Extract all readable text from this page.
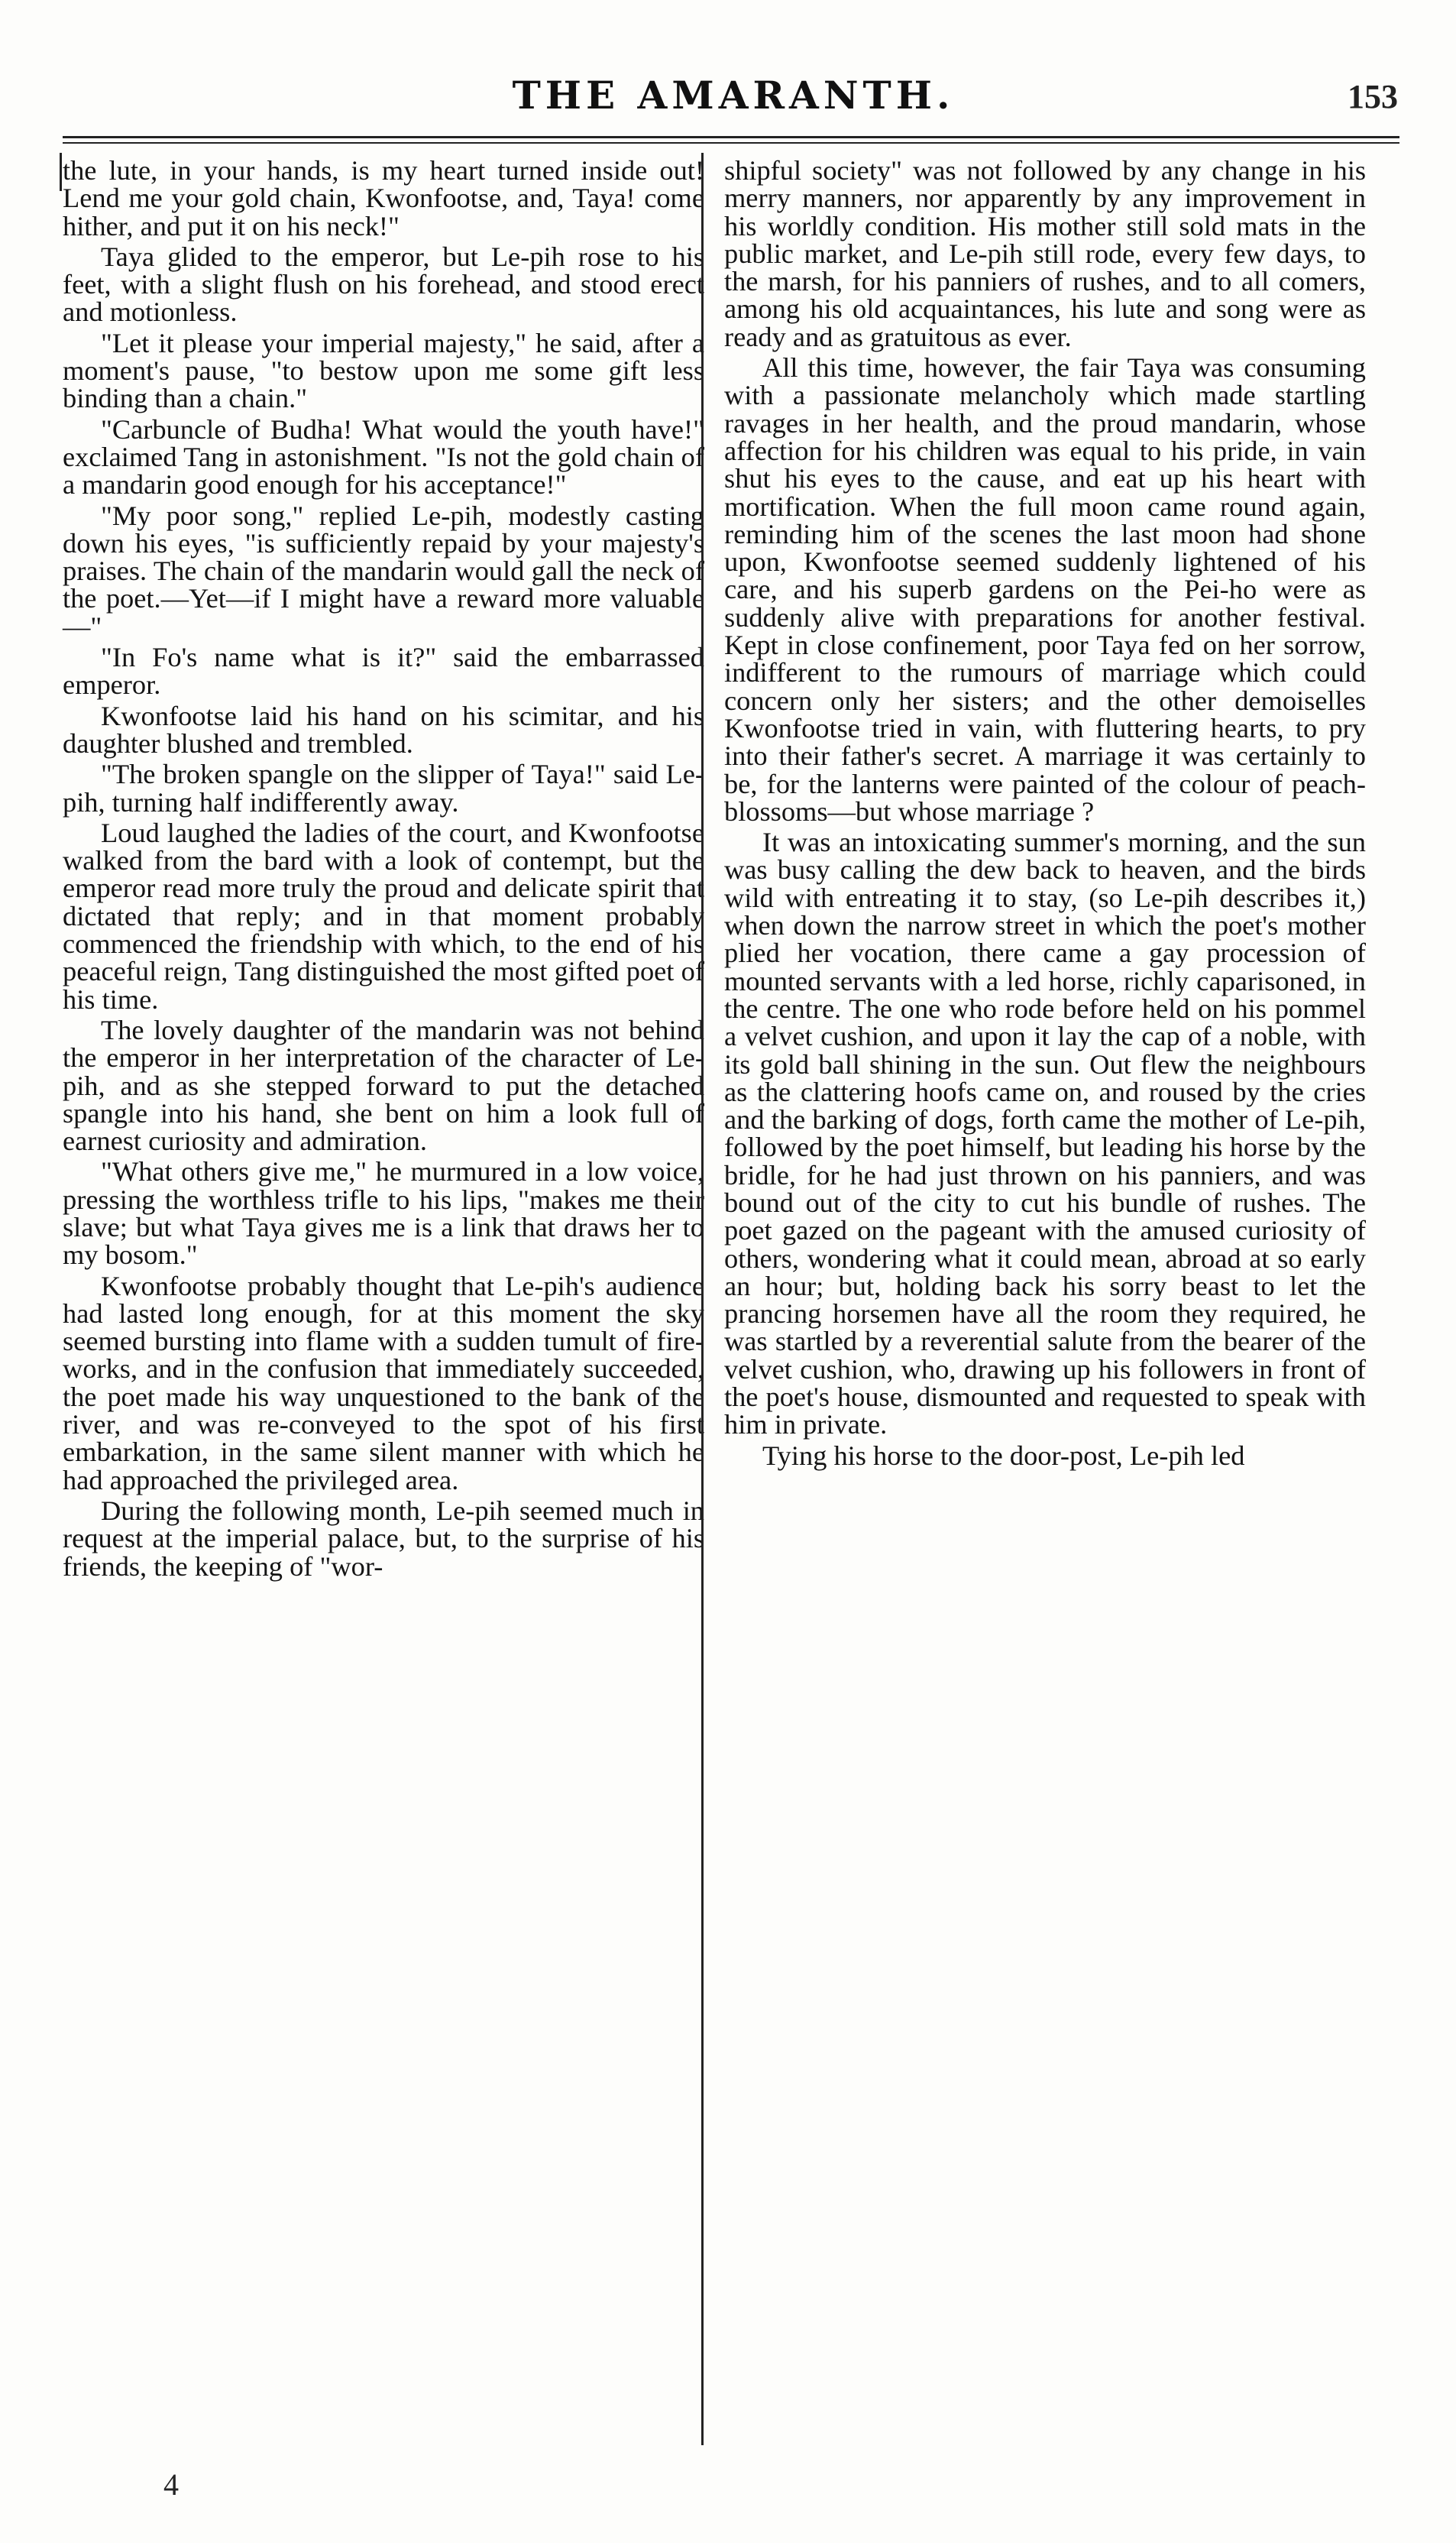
THE AMARANTH.	153

the lute, in your hands, is my heart turned inside out! Lend me your gold chain, Kwonfootse, and, Taya! come hither, and put it on his neck!"

Taya glided to the emperor, but Le-pih rose to his feet, with a slight flush on his forehead, and stood erect and motionless.

"Let it please your imperial majesty," he said, after a moment's pause, "to bestow upon me some gift less binding than a chain."

"Carbuncle of Budha! What would the youth have!" exclaimed Tang in astonishment. "Is not the gold chain of a mandarin good enough for his acceptance!"

"My poor song," replied Le-pih, modestly casting down his eyes, "is sufficiently repaid by your majesty's praises. The chain of the mandarin would gall the neck of the poet.—Yet—if I might have a reward more valuable—"

"In Fo's name what is it?" said the embarrassed emperor.

Kwonfootse laid his hand on his scimitar, and his daughter blushed and trembled.

"The broken spangle on the slipper of Taya!" said Le-pih, turning half indifferently away.

Loud laughed the ladies of the court, and Kwonfootse walked from the bard with a look of contempt, but the emperor read more truly the proud and delicate spirit that dictated that reply; and in that moment probably commenced the friendship with which, to the end of his peaceful reign, Tang distinguished the most gifted poet of his time.

The lovely daughter of the mandarin was not behind the emperor in her interpretation of the character of Le-pih, and as she stepped forward to put the detached spangle into his hand, she bent on him a look full of earnest curiosity and admiration.

"What others give me," he murmured in a low voice, pressing the worthless trifle to his lips, "makes me their slave; but what Taya gives me is a link that draws her to my bosom."

Kwonfootse probably thought that Le-pih's audience had lasted long enough, for at this moment the sky seemed bursting into flame with a sudden tumult of fire-works, and in the confusion that immediately succeeded, the poet made his way unquestioned to the bank of the river, and was re-conveyed to the spot of his first embarkation, in the same silent manner with which he had approached the privileged area.

During the following month, Le-pih seemed much in request at the imperial palace, but, to the surprise of his friends, the keeping of "wor-

shipful society" was not followed by any change in his merry manners, nor apparently by any improvement in his worldly condition. His mother still sold mats in the public market, and Le-pih still rode, every few days, to the marsh, for his panniers of rushes, and to all comers, among his old acquaintances, his lute and song were as ready and as gratuitous as ever.

All this time, however, the fair Taya was consuming with a passionate melancholy which made startling ravages in her health, and the proud mandarin, whose affection for his children was equal to his pride, in vain shut his eyes to the cause, and eat up his heart with mortification. When the full moon came round again, reminding him of the scenes the last moon had shone upon, Kwonfootse seemed suddenly lightened of his care, and his superb gardens on the Pei-ho were as suddenly alive with preparations for another festival. Kept in close confinement, poor Taya fed on her sorrow, indifferent to the rumours of marriage which could concern only her sisters; and the other demoiselles Kwonfootse tried in vain, with fluttering hearts, to pry into their father's secret. A marriage it was certainly to be, for the lanterns were painted of the colour of peach-blossoms—but whose marriage ?

It was an intoxicating summer's morning, and the sun was busy calling the dew back to heaven, and the birds wild with entreating it to stay, (so Le-pih describes it,) when down the narrow street in which the poet's mother plied her vocation, there came a gay procession of mounted servants with a led horse, richly caparisoned, in the centre. The one who rode before held on his pommel a velvet cushion, and upon it lay the cap of a noble, with its gold ball shining in the sun. Out flew the neighbours as the clattering hoofs came on, and roused by the cries and the barking of dogs, forth came the mother of Le-pih, followed by the poet himself, but leading his horse by the bridle, for he had just thrown on his panniers, and was bound out of the city to cut his bundle of rushes. The poet gazed on the pageant with the amused curiosity of others, wondering what it could mean, abroad at so early an hour; but, holding back his sorry beast to let the prancing horsemen have all the room they required, he was startled by a reverential salute from the bearer of the velvet cushion, who, drawing up his followers in front of the poet's house, dismounted and requested to speak with him in private.

Tying his horse to the door-post, Le-pih led

4
